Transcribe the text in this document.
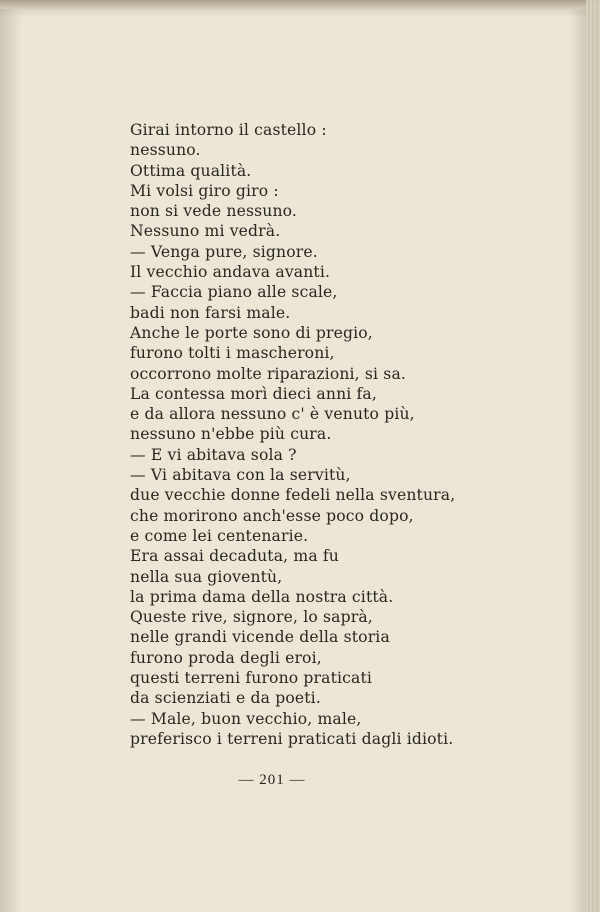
Girai intorno il castello :
nessuno.
Ottima qualità.
Mi volsi giro giro :
non si vede nessuno.
Nessuno mi vedrà.
— Venga pure, signore.
Il vecchio andava avanti.
— Faccia piano alle scale,
badi non farsi male.
Anche le porte sono di pregio,
furono tolti i mascheroni,
occorrono molte riparazioni, si sa.
La contessa morì dieci anni fa,
e da allora nessuno c' è venuto più,
nessuno n'ebbe più cura.
— E vi abitava sola ?
— Vi abitava con la servitù,
due vecchie donne fedeli nella sventura,
che morirono anch'esse poco dopo,
e come lei centenarie.
Era assai decaduta, ma fu
nella sua gioventù,
la prima dama della nostra città.
Queste rive, signore, lo saprà,
nelle grandi vicende della storia
furono proda degli eroi,
questi terreni furono praticati
da scienziati e da poeti.
— Male, buon vecchio, male,
preferisco i terreni praticati dagli idioti.
— 201 —
